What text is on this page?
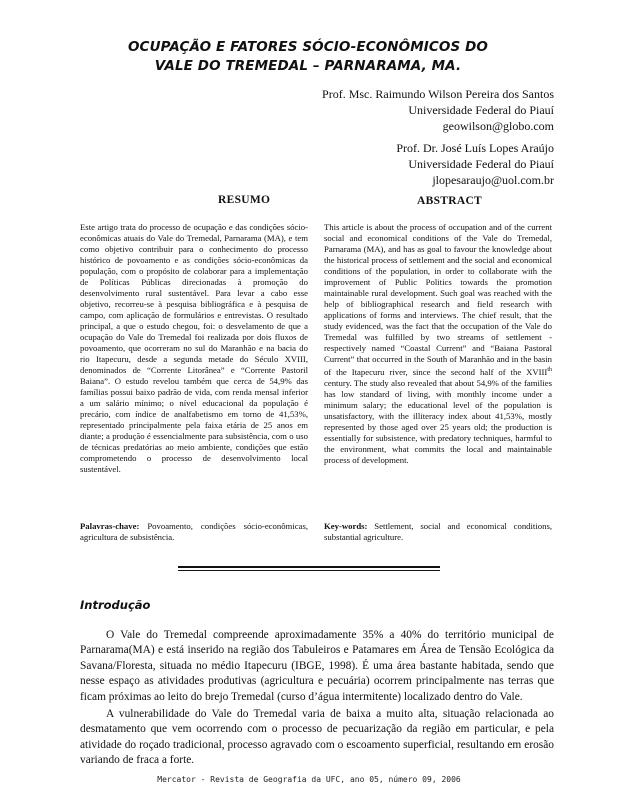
OCUPAÇÃO E FATORES SÓCIO-ECONÔMICOS DO
VALE DO TREMEDAL – PARNARAMA, MA.
Prof. Msc. Raimundo Wilson Pereira dos Santos
Universidade Federal do Piauí
geowilson@globo.com
Prof. Dr. José Luís Lopes Araújo
Universidade Federal do Piauí
jlopesaraujo@uol.com.br
RESUMO	ABSTRACT
Este artigo trata do processo de ocupação e das condições sócio-econômicas atuais do Vale do Tremedal, Parnarama (MA), e tem como objetivo contribuir para o conhecimento do processo histórico de povoamento e as condições sócio-econômicas da população, com o propósito de colaborar para a implementação de Políticas Públicas direcionadas à promoção do desenvolvimento rural sustentável. Para levar a cabo esse objetivo, recorreu-se à pesquisa bibliográfica e à pesquisa de campo, com aplicação de formulários e entrevistas. O resultado principal, a que o estudo chegou, foi: o desvelamento de que a ocupação do Vale do Tremedal foi realizada por dois fluxos de povoamento, que ocorreram no sul do Maranhão e na bacia do rio Itapecuru, desde a segunda metade do Século XVIII, denominados de “Corrente Litorânea” e “Corrente Pastoril Baiana”. O estudo revelou também que cerca de 54,9% das famílias possui baixo padrão de vida, com renda mensal inferior a um salário mínimo; o nível educacional da população é precário, com índice de analfabetismo em torno de 41,53%, representado principalmente pela faixa etária de 25 anos em diante; a produção é essencialmente para subsistência, com o uso de técnicas predatórias ao meio ambiente, condições que estão comprometendo o processo de desenvolvimento local sustentável.
This article is about the process of occupation and of the current social and economical conditions of the Vale do Tremedal, Parnarama (MA), and has as goal to favour the knowledge about the historical process of settlement and the social and economical conditions of the population, in order to collaborate with the improvement of Public Politics towards the promotion maintainable rural development. Such goal was reached with the help of bibliographical research and field research with applications of forms and interviews. The chief result, that the study evidenced, was the fact that the occupation of the Vale do Tremedal was fulfilled by two streams of settlement - respectively named “Coastal Current” and “Baiana Pastoral Current” that occurred in the South of Maranhão and in the basin of the Itapecuru river, since the second half of the XVIIIth century. The study also revealed that about 54,9% of the families has low standard of living, with monthly income under a minimum salary; the educational level of the population is unsatisfactory, with the illiteracy index about 41,53%, mostly represented by those aged over 25 years old; the production is essentially for subsistence, with predatory techniques, harmful to the environment, what commits the local and maintainable process of development.
Palavras-chave: Povoamento, condições sócio-econômicas, agricultura de subsistência.
Key-words: Settlement, social and economical conditions, substantial agriculture.
Introdução
O Vale do Tremedal compreende aproximadamente 35% a 40% do território municipal de Parnarama(MA) e está inserido na região dos Tabuleiros e Patamares em Área de Tensão Ecológica da Savana/Floresta, situada no médio Itapecuru (IBGE, 1998). É uma área bastante habitada, sendo que nesse espaço as atividades produtivas (agricultura e pecuária) ocorrem principalmente nas terras que ficam próximas ao leito do brejo Tremedal (curso d’água intermitente) localizado dentro do Vale.
A vulnerabilidade do Vale do Tremedal varia de baixa a muito alta, situação relacionada ao desmatamento que vem ocorrendo com o processo de pecuarização da região em particular, e pela atividade do roçado tradicional, processo agravado com o escoamento superficial, resultando em erosão variando de fraca a forte.
Mercator - Revista de Geografia da UFC, ano 05, número 09, 2006
